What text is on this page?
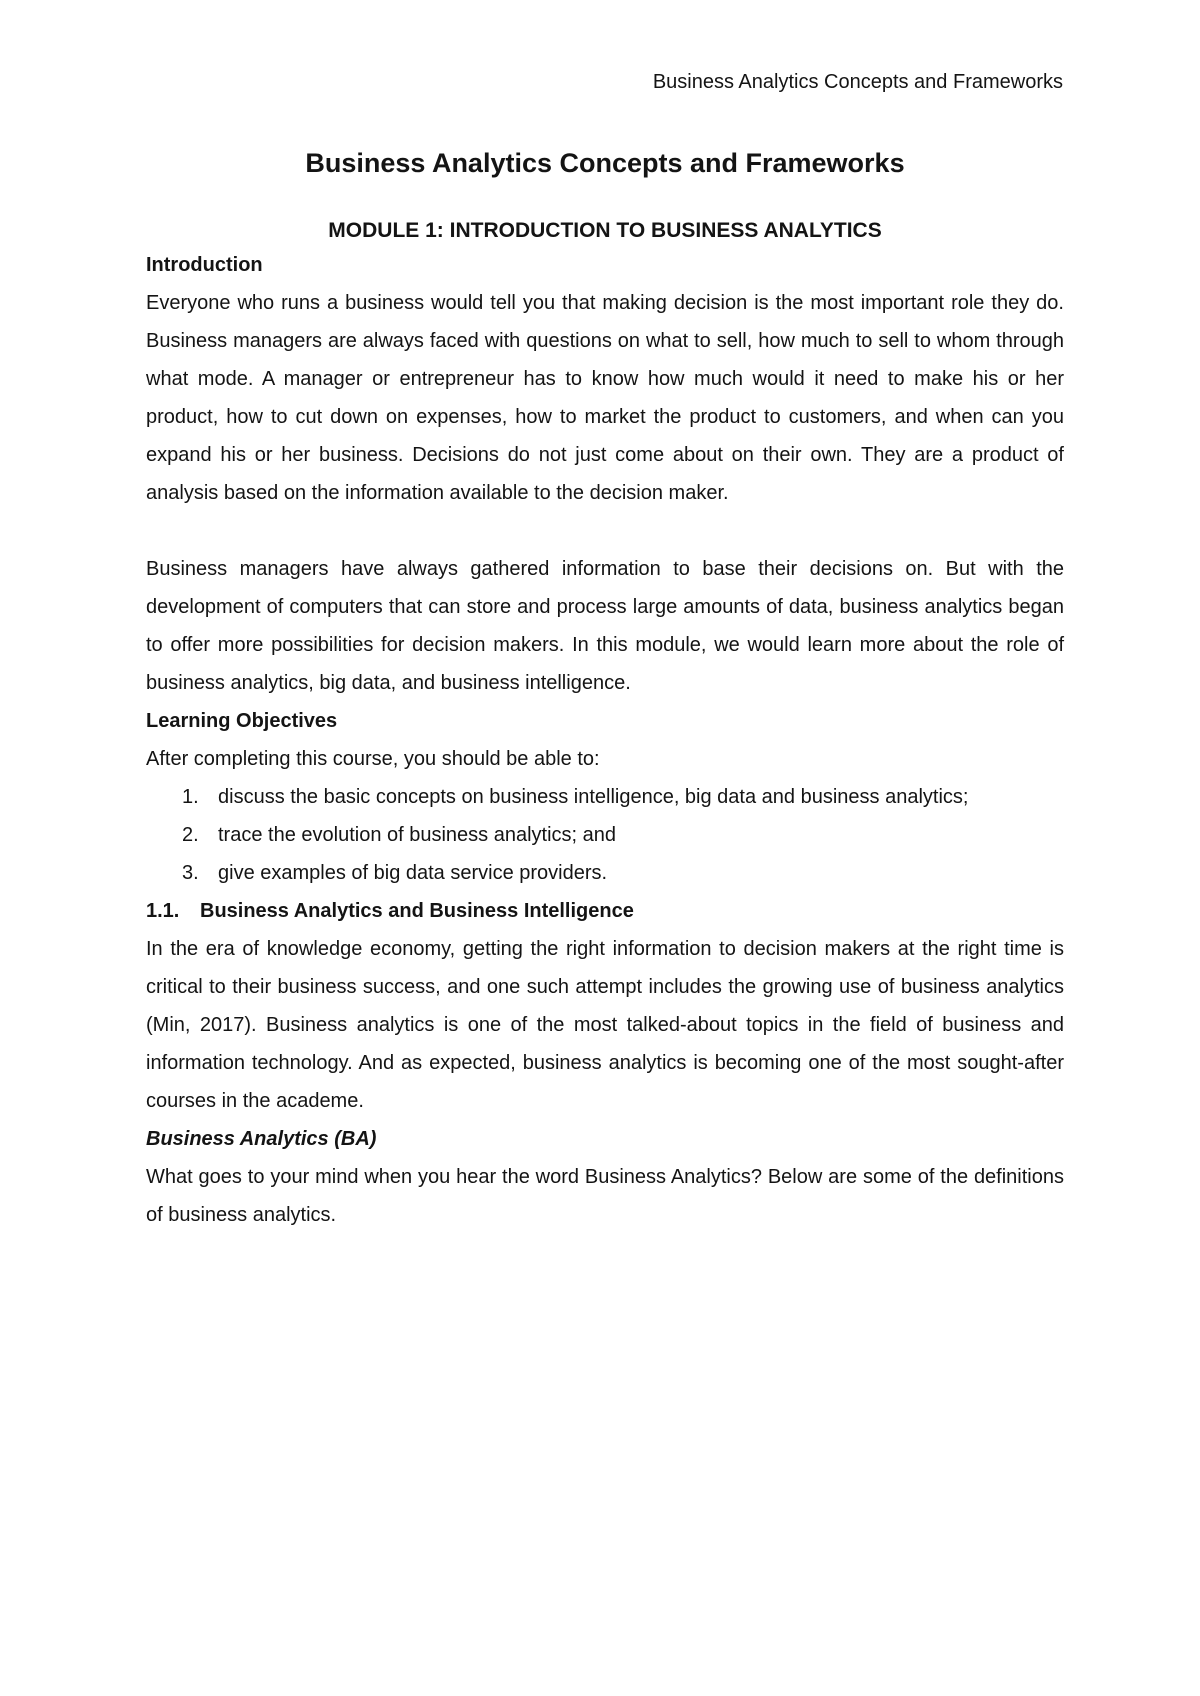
Business Analytics Concepts and Frameworks
Business Analytics Concepts and Frameworks
MODULE 1: INTRODUCTION TO BUSINESS ANALYTICS
Introduction

Everyone who runs a business would tell you that making decision is the most important role they do. Business managers are always faced with questions on what to sell, how much to sell to whom through what mode. A manager or entrepreneur has to know how much would it need to make his or her product, how to cut down on expenses, how to market the product to customers, and when can you expand his or her business. Decisions do not just come about on their own. They are a product of analysis based on the information available to the decision maker.

Business managers have always gathered information to base their decisions on. But with the development of computers that can store and process large amounts of data, business analytics began to offer more possibilities for decision makers. In this module, we would learn more about the role of business analytics, big data, and business intelligence.

Learning Objectives

After completing this course, you should be able to:

1. discuss the basic concepts on business intelligence, big data and business analytics;
2. trace the evolution of business analytics; and
3. give examples of big data service providers.
1.1. Business Analytics and Business Intelligence

In the era of knowledge economy, getting the right information to decision makers at the right time is critical to their business success, and one such attempt includes the growing use of business analytics (Min, 2017). Business analytics is one of the most talked-about topics in the field of business and information technology. And as expected, business analytics is becoming one of the most sought-after courses in the academe.

Business Analytics (BA)

What goes to your mind when you hear the word Business Analytics? Below are some of the definitions of business analytics.
